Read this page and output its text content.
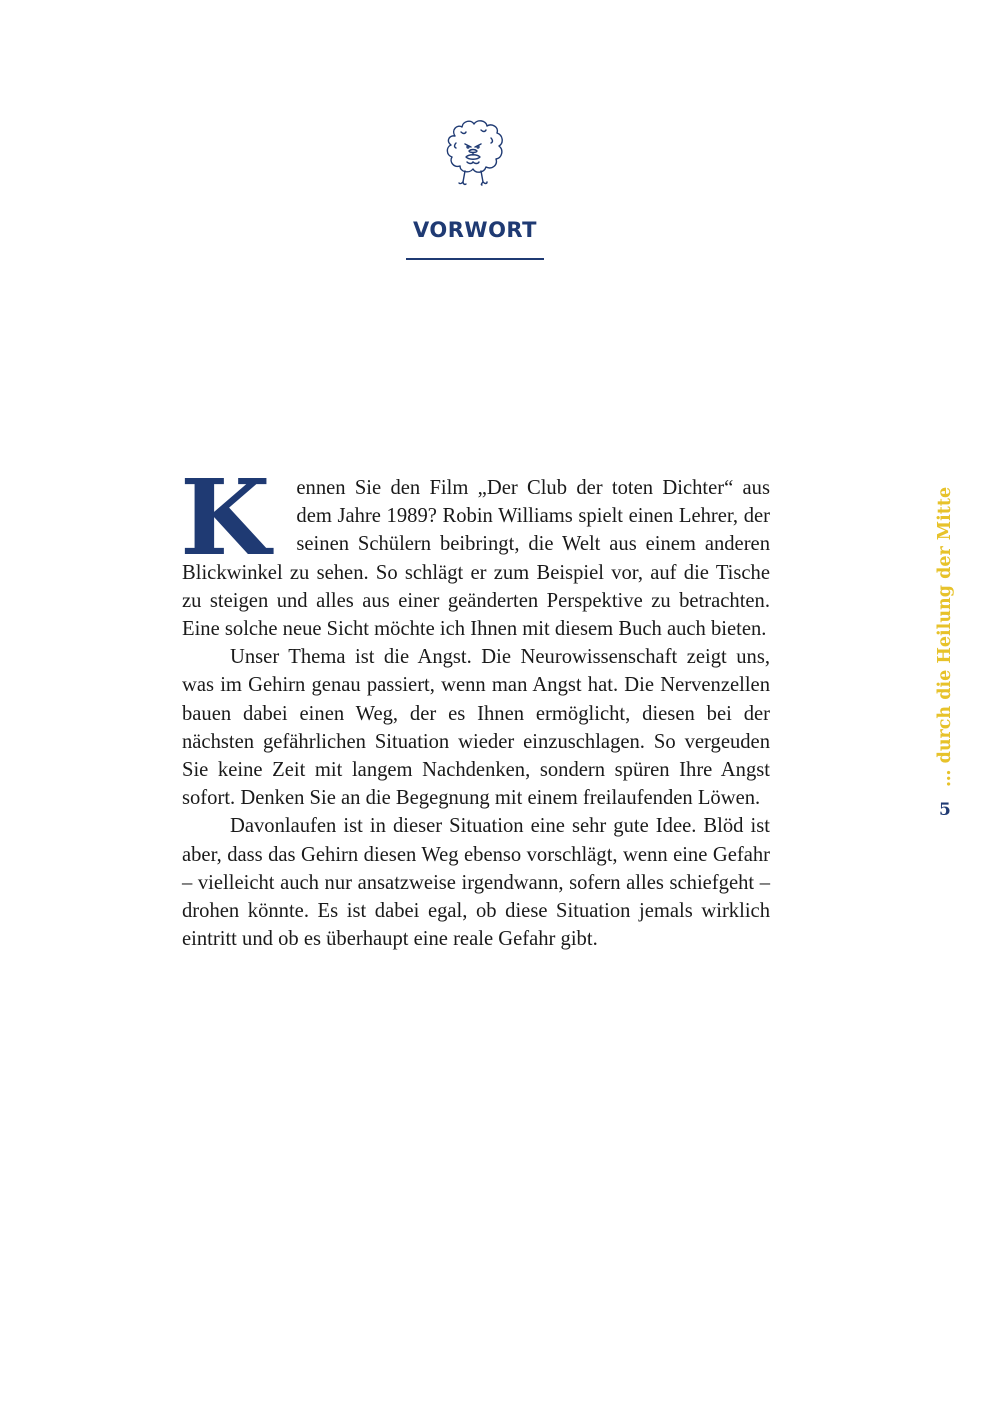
VORWORT

K ennen Sie den Film „Der Club der toten Dichter“ aus dem Jahre 1989? Robin Williams spielt einen Lehrer, der seinen Schülern beibringt, die Welt aus einem anderen Blickwinkel zu sehen. So schlägt er zum Beispiel vor, auf die Tische zu steigen und alles aus einer geänderten Perspektive zu betrachten. Eine solche neue Sicht möchte ich Ihnen mit diesem Buch auch bieten.

Unser Thema ist die Angst. Die Neurowissenschaft zeigt uns, was im Gehirn genau passiert, wenn man Angst hat. Die Nervenzellen bauen dabei einen Weg, der es Ihnen ermöglicht, diesen bei der nächsten gefährlichen Situation wieder einzuschlagen. So vergeuden Sie keine Zeit mit langem Nachdenken, sondern spüren Ihre Angst sofort. Denken Sie an die Begegnung mit einem freilaufenden Löwen.

Davonlaufen ist in dieser Situation eine sehr gute Idee. Blöd ist aber, dass das Gehirn diesen Weg ebenso vorschlägt, wenn eine Gefahr – vielleicht auch nur ansatzweise irgendwann, sofern alles schiefgeht – drohen könnte. Es ist dabei egal, ob diese Situation jemals wirklich eintritt und ob es überhaupt eine reale Gefahr gibt.

… durch die Heilung der Mitte
5
